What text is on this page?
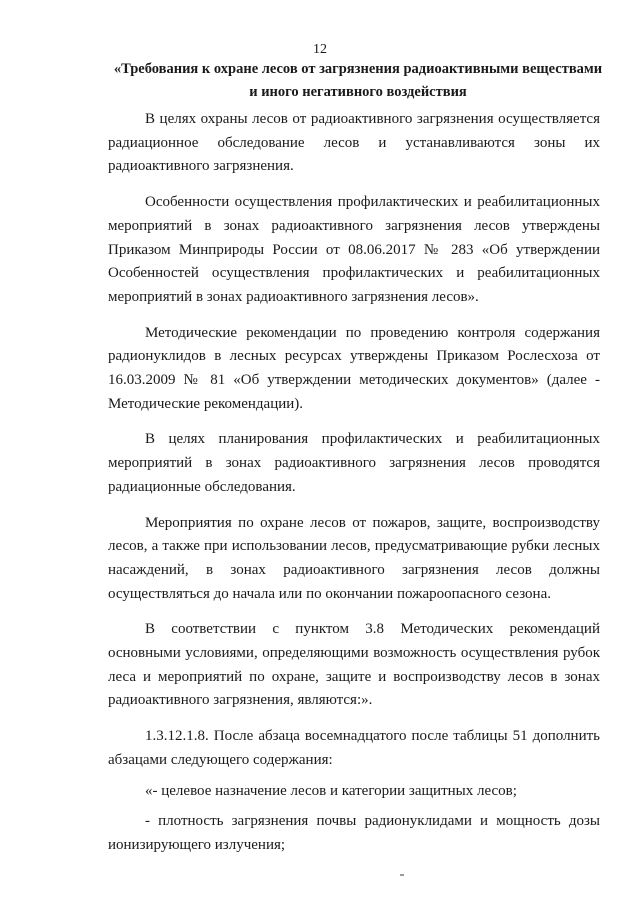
12
«Требования к охране лесов от загрязнения радиоактивными веществами и иного негативного воздействия

В целях охраны лесов от радиоактивного загрязнения осуществляется радиационное обследование лесов и устанавливаются зоны их радиоактивного загрязнения.

Особенности осуществления профилактических и реабилитационных мероприятий в зонах радиоактивного загрязнения лесов утверждены Приказом Минприроды России от 08.06.2017 № 283 «Об утверждении Особенностей осуществления профилактических и реабилитационных мероприятий в зонах радиоактивного загрязнения лесов».

Методические рекомендации по проведению контроля содержания радионуклидов в лесных ресурсах утверждены Приказом Рослесхоза от 16.03.2009 № 81 «Об утверждении методических документов» (далее - Методические рекомендации).

В целях планирования профилактических и реабилитационных мероприятий в зонах радиоактивного загрязнения лесов проводятся радиационные обследования.

Мероприятия по охране лесов от пожаров, защите, воспроизводству лесов, а также при использовании лесов, предусматривающие рубки лесных насаждений, в зонах радиоактивного загрязнения лесов должны осуществляться до начала или по окончании пожароопасного сезона.

В соответствии с пунктом 3.8 Методических рекомендаций основными условиями, определяющими возможность осуществления рубок леса и мероприятий по охране, защите и воспроизводству лесов в зонах радиоактивного загрязнения, являются:».

1.3.12.1.8. После абзаца восемнадцатого после таблицы 51 дополнить абзацами следующего содержания:

«- целевое назначение лесов и категории защитных лесов;

- плотность загрязнения почвы радионуклидами и мощность дозы ионизирующего излучения;
